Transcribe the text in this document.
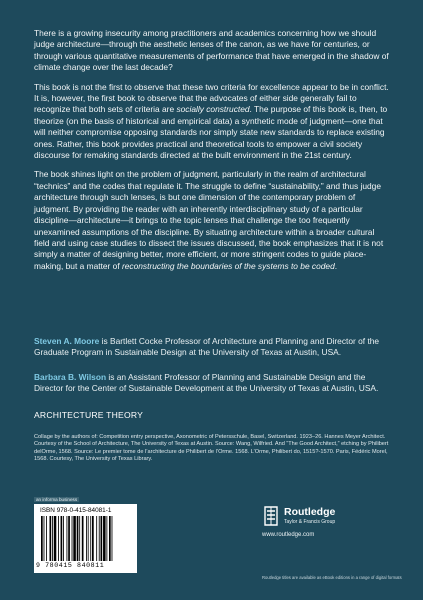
There is a growing insecurity among practitioners and academics concerning how we should judge architecture—through the aesthetic lenses of the canon, as we have for centuries, or through various quantitative measurements of performance that have emerged in the shadow of climate change over the last decade?

This book is not the first to observe that these two criteria for excellence appear to be in conflict. It is, however, the first book to observe that the advocates of either side generally fail to recognize that both sets of criteria are socially constructed. The purpose of this book is, then, to theorize (on the basis of historical and empirical data) a synthetic mode of judgment—one that will neither compromise opposing standards nor simply state new standards to replace existing ones. Rather, this book provides practical and theoretical tools to empower a civil society discourse for remaking standards directed at the built environment in the 21st century.

The book shines light on the problem of judgment, particularly in the realm of architectural “technics” and the codes that regulate it. The struggle to define “sustainability,” and thus judge architecture through such lenses, is but one dimension of the contemporary problem of judgment. By providing the reader with an inherently interdisciplinary study of a particular discipline—architecture—it brings to the topic lenses that challenge the too frequently unexamined assumptions of the discipline. By situating architecture within a broader cultural field and using case studies to dissect the issues discussed, the book emphasizes that it is not simply a matter of designing better, more efficient, or more stringent codes to guide place-making, but a matter of reconstructing the boundaries of the systems to be coded.

Steven A. Moore is Bartlett Cocke Professor of Architecture and Planning and Director of the Graduate Program in Sustainable Design at the University of Texas at Austin, USA.
Barbara B. Wilson is an Assistant Professor of Planning and Sustainable Design and the Director for the Center of Sustainable Development at the University of Texas at Austin, USA.
ARCHITECTURE THEORY
Collage by the authors of: Competition entry perspective, Axonometric of Petersschule, Basel, Switzerland. 1923–26. Hannes Meyer Architect. Courtesy of the School of Architecture, The University of Texas at Austin. Source: Wang, Wilfried. And “The Good Architect,” etching by Philibert delOrme, 1568. Source: Le premier tome de l’architecture de Philibert de l’Orme. 1568. L’Orme, Philibert do, 1515?-1570. Paris, Fédéric Morel, 1568. Courtesy, The University of Texas Library.
an informa business
ISBN 978-0-415-84081-1
9 780415 840811
Routledge
Taylor & Francis Group
www.routledge.com
Routledge titles are available as eBook editions in a range of digital formats
